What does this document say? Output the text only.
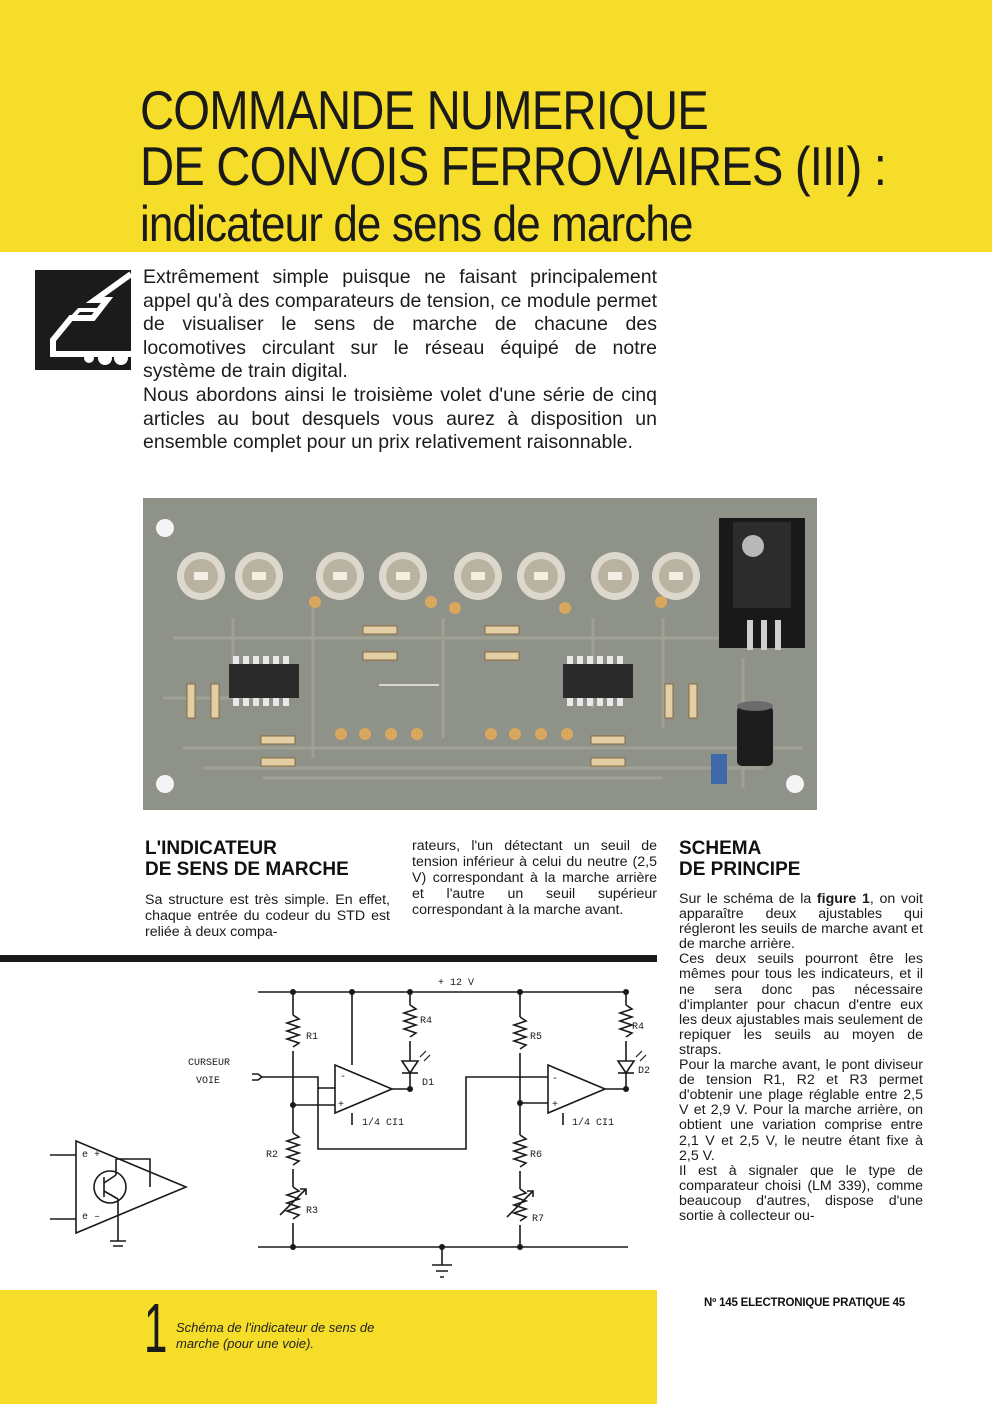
COMMANDE NUMERIQUE
DE CONVOIS FERROVIAIRES (III) :
indicateur de sens de marche

Extrêmement simple puisque ne faisant principalement appel qu'à des comparateurs de tension, ce module permet de visualiser le sens de marche de chacune des locomotives circulant sur le réseau équipé de notre système de train digital.

Nous abordons ainsi le troisième volet d'une série de cinq articles au bout desquels vous aurez à disposition un ensemble complet pour un prix relativement raisonnable.

L'INDICATEUR
DE SENS DE MARCHE

Sa structure est très simple. En effet, chaque entrée du codeur du STD est reliée à deux compa-

rateurs, l'un détectant un seuil de tension inférieur à celui du neutre (2,5 V) correspondant à la marche arrière et l'autre un seuil supérieur correspondant à la marche avant.

SCHEMA
DE PRINCIPE

Sur le schéma de la figure 1, on voit apparaître deux ajustables qui régleront les seuils de marche avant et de marche arrière.

Ces deux seuils pourront être les mêmes pour tous les indicateurs, et il ne sera donc pas nécessaire d'implanter pour chacun d'entre eux les deux ajustables mais seulement de repiquer les seuils au moyen de straps.

Pour la marche avant, le pont diviseur de tension R1, R2 et R3 permet d'obtenir une plage réglable entre 2,5 V et 2,9 V. Pour la marche arrière, on obtient une variation comprise entre 2,1 V et 2,5 V, le neutre étant fixe à 2,5 V.

Il est à signaler que le type de comparateur choisi (LM 339), comme beaucoup d'autres, dispose d'une sortie à collecteur ou-

+ 12 V
CURSEUR
VOIE
R1
R2
R3
R4
R5
R6
R7
R4
D1
D2
1/4 CI1	1/4 CI1
-
+
-
+
e +
e –
1 Schéma de l'indicateur de sens de marche (pour une voie).
Nº 145 ELECTRONIQUE PRATIQUE 45
